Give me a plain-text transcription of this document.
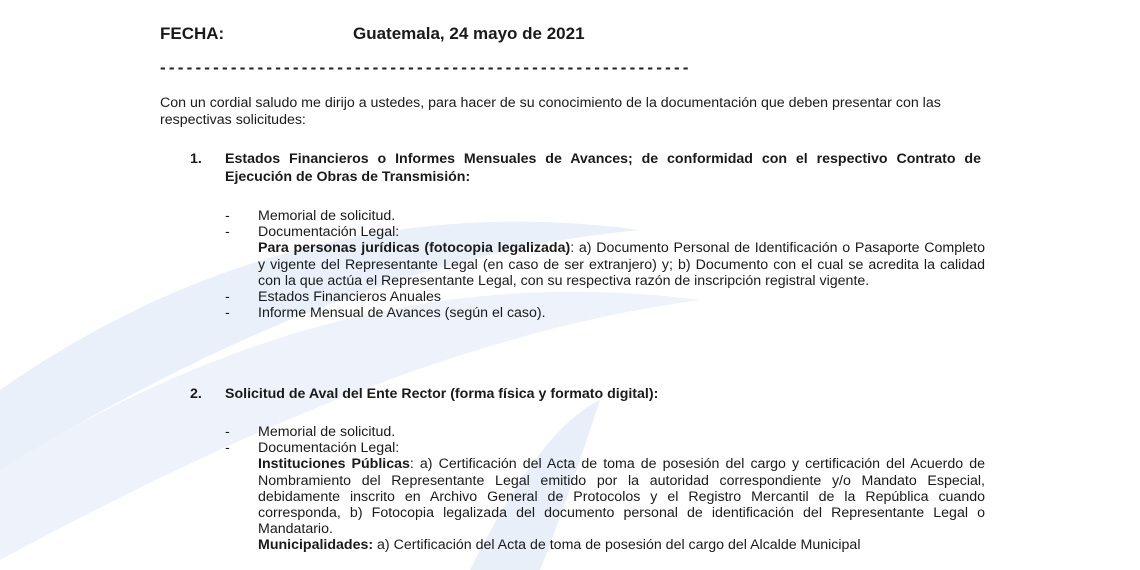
FECHA:	Guatemala, 24 mayo de 2021
------------------------------------------------------------
Con un cordial saludo me dirijo a ustedes, para hacer de su conocimiento de la documentación que deben presentar con las respectivas solicitudes:
1. Estados Financieros o Informes Mensuales de Avances; de conformidad con el respectivo Contrato de Ejecución de Obras de Transmisión:
- Memorial de solicitud.
- Documentación Legal:
Para personas jurídicas (fotocopia legalizada): a) Documento Personal de Identificación o Pasaporte Completo y vigente del Representante Legal (en caso de ser extranjero) y; b) Documento con el cual se acredita la calidad con la que actúa el Representante Legal, con su respectiva razón de inscripción registral vigente.
- Estados Financieros Anuales
- Informe Mensual de Avances (según el caso).
2. Solicitud de Aval del Ente Rector (forma física y formato digital):
- Memorial de solicitud.
- Documentación Legal:
Instituciones Públicas: a) Certificación del Acta de toma de posesión del cargo y certificación del Acuerdo de Nombramiento del Representante Legal emitido por la autoridad correspondiente y/o Mandato Especial, debidamente inscrito en Archivo General de Protocolos y el Registro Mercantil de la República cuando corresponda, b) Fotocopia legalizada del documento personal de identificación del Representante Legal o Mandatario.
Municipalidades: a) Certificación del Acta de toma de posesión del cargo del Alcalde Municipal
